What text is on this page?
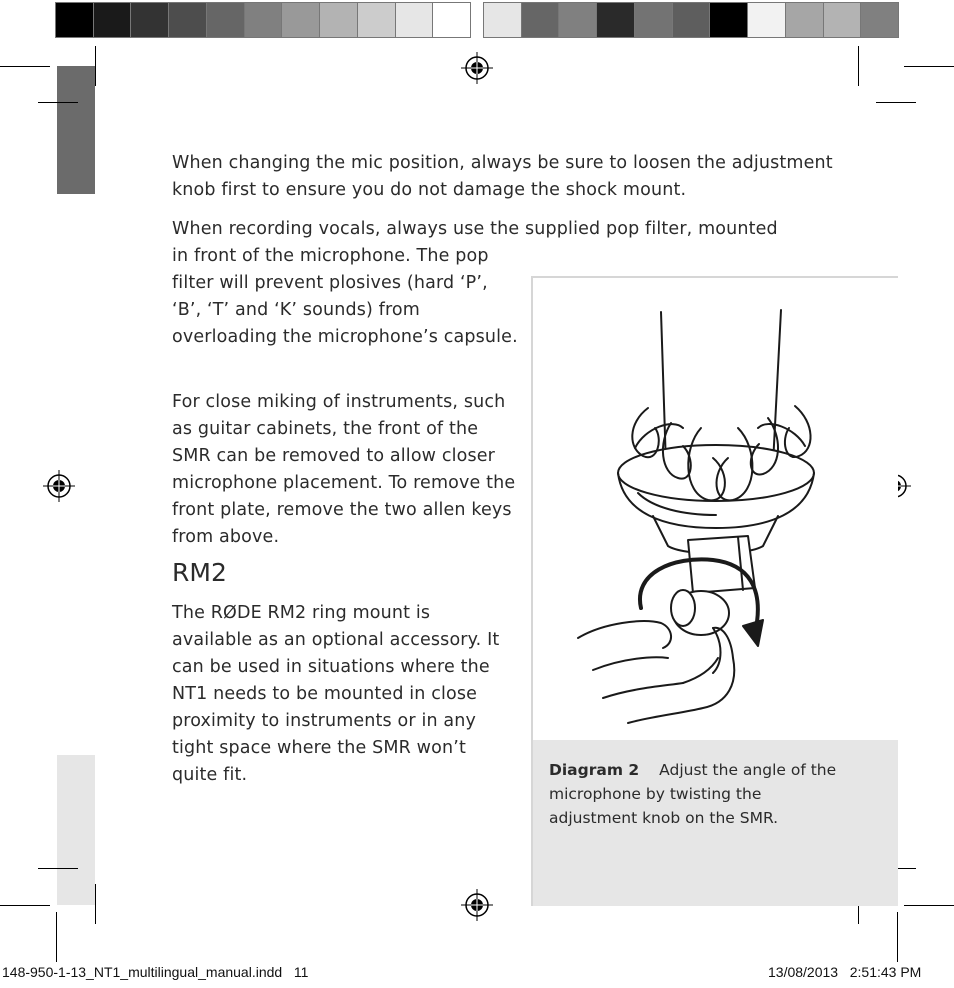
When changing the mic position, always be sure to loosen the adjustment knob first to ensure you do not damage the shock mount.

When recording vocals, always use the supplied pop filter, mounted
in front of the microphone. The pop filter will prevent plosives (hard ‘P’, ‘B’, ‘T’ and ‘K’ sounds) from overloading the microphone’s capsule.

For close miking of instruments, such as guitar cabinets, the front of the SMR can be removed to allow closer microphone placement. To remove the front plate, remove the two allen keys from above.

RM2

The RØDE RM2 ring mount is available as an optional accessory. It can be used in situations where the NT1 needs to be mounted in close proximity to instruments or in any tight space where the SMR won’t quite fit.	Diagram 2 Adjust the angle of the microphone by twisting the adjustment knob on the SMR.

148-950-1-13_NT1_multilingual_manual.indd   11	13/08/2013   2:51:43 PM
